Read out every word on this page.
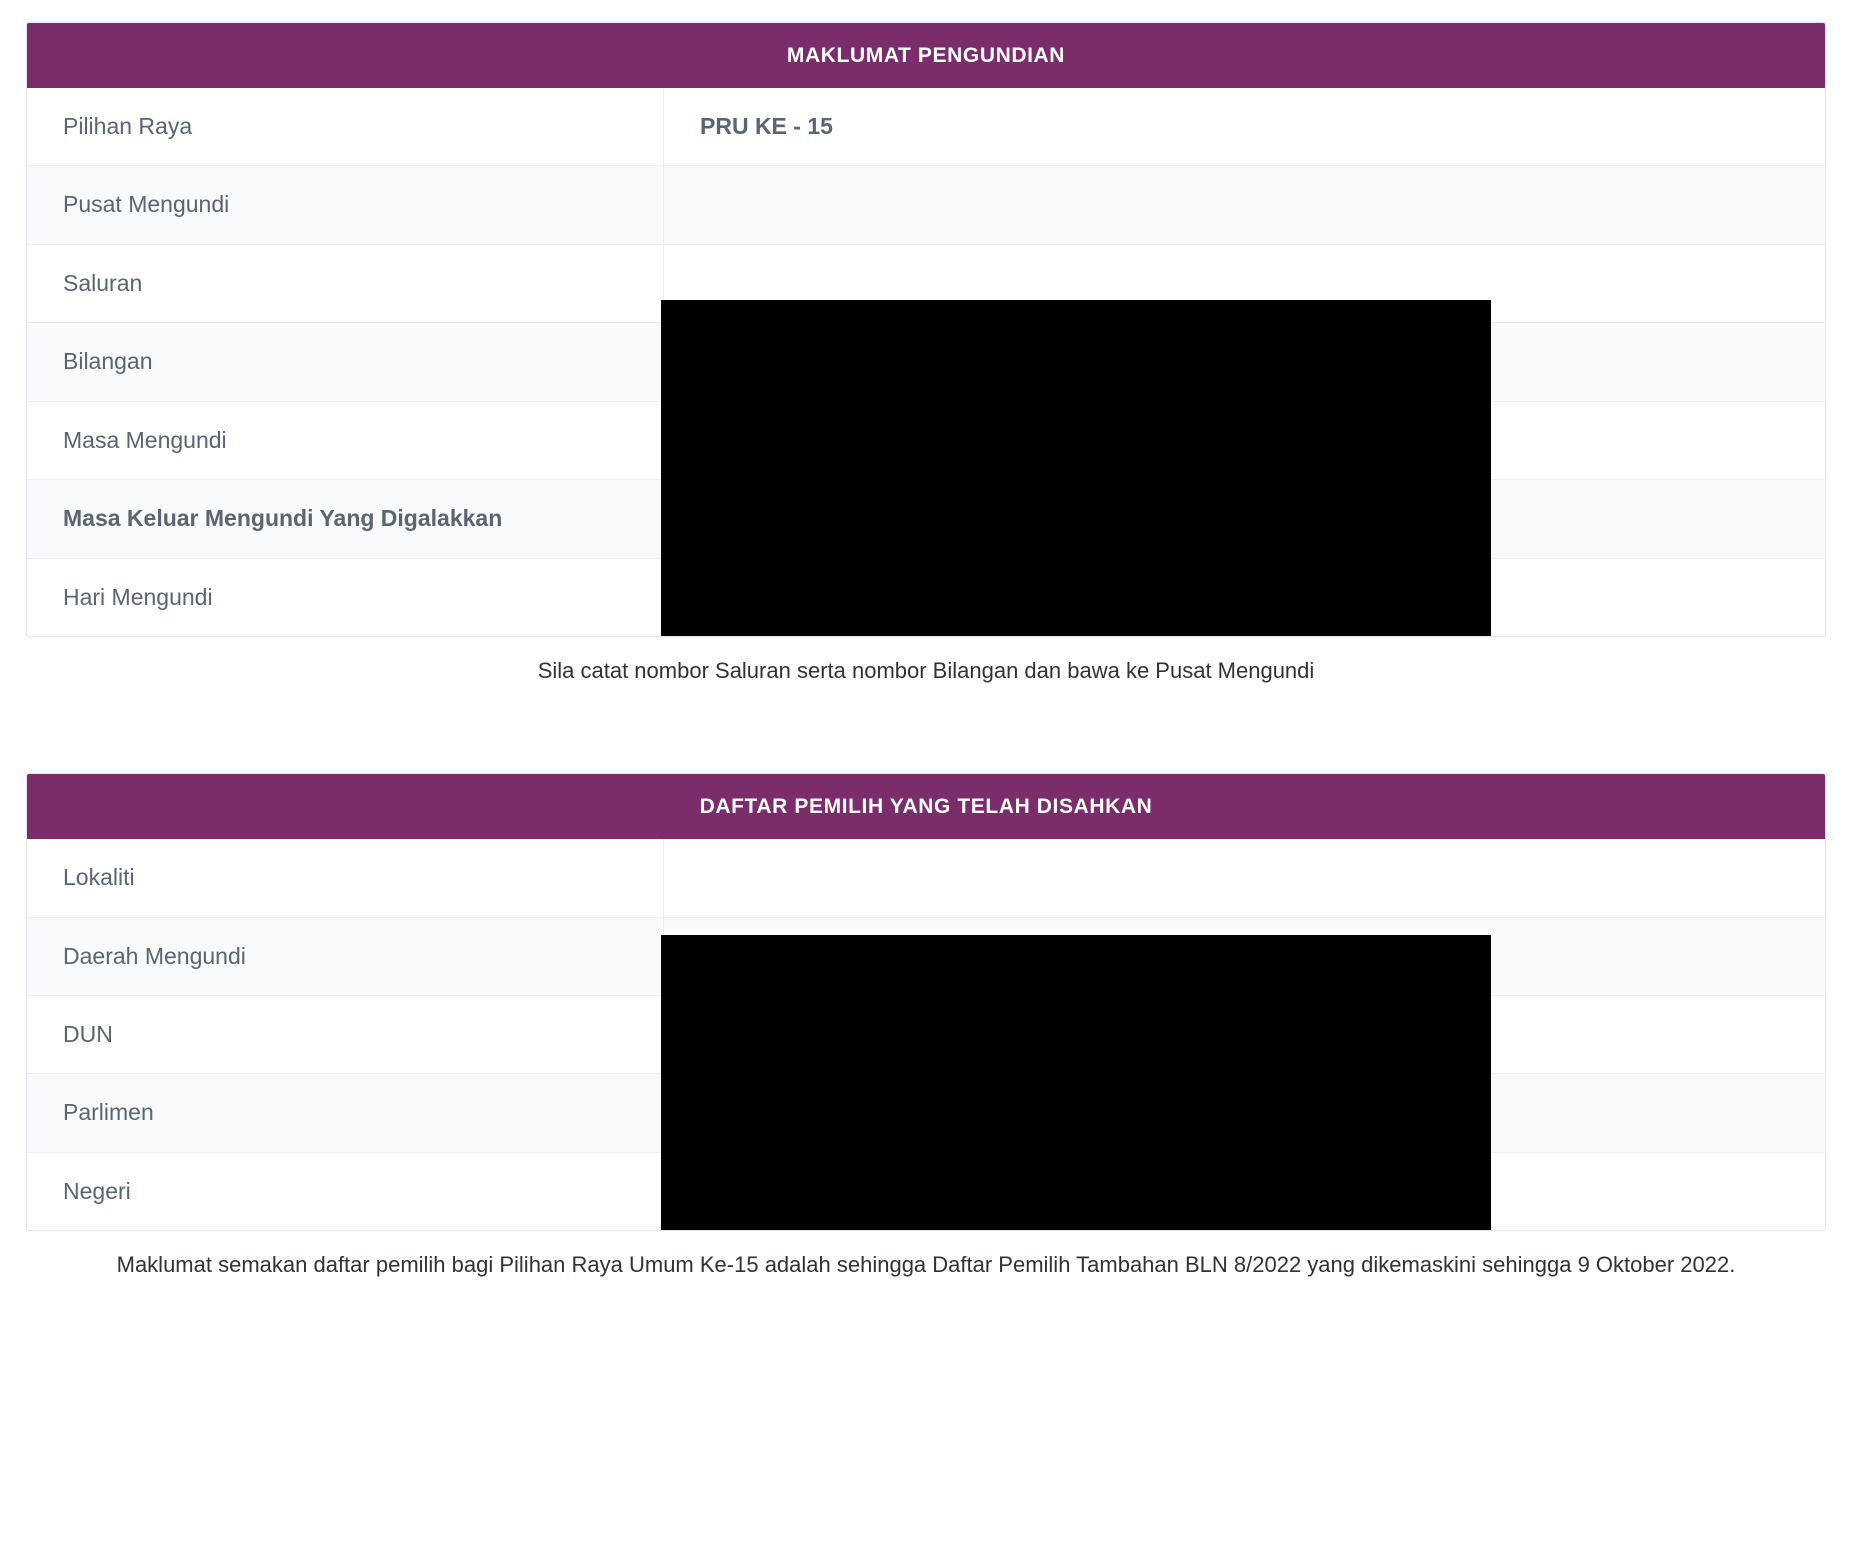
MAKLUMAT PENGUNDIAN
Pilihan Raya	PRU KE - 15
Pusat Mengundi	
Saluran	
Bilangan	
Masa Mengundi	
Masa Keluar Mengundi Yang Digalakkan	
Hari Mengundi	
Sila catat nombor Saluran serta nombor Bilangan dan bawa ke Pusat Mengundi
DAFTAR PEMILIH YANG TELAH DISAHKAN
Lokaliti	
Daerah Mengundi	
DUN	
Parlimen	
Negeri	
Maklumat semakan daftar pemilih bagi Pilihan Raya Umum Ke-15 adalah sehingga Daftar Pemilih Tambahan BLN 8/2022 yang dikemaskini sehingga 9 Oktober 2022.
